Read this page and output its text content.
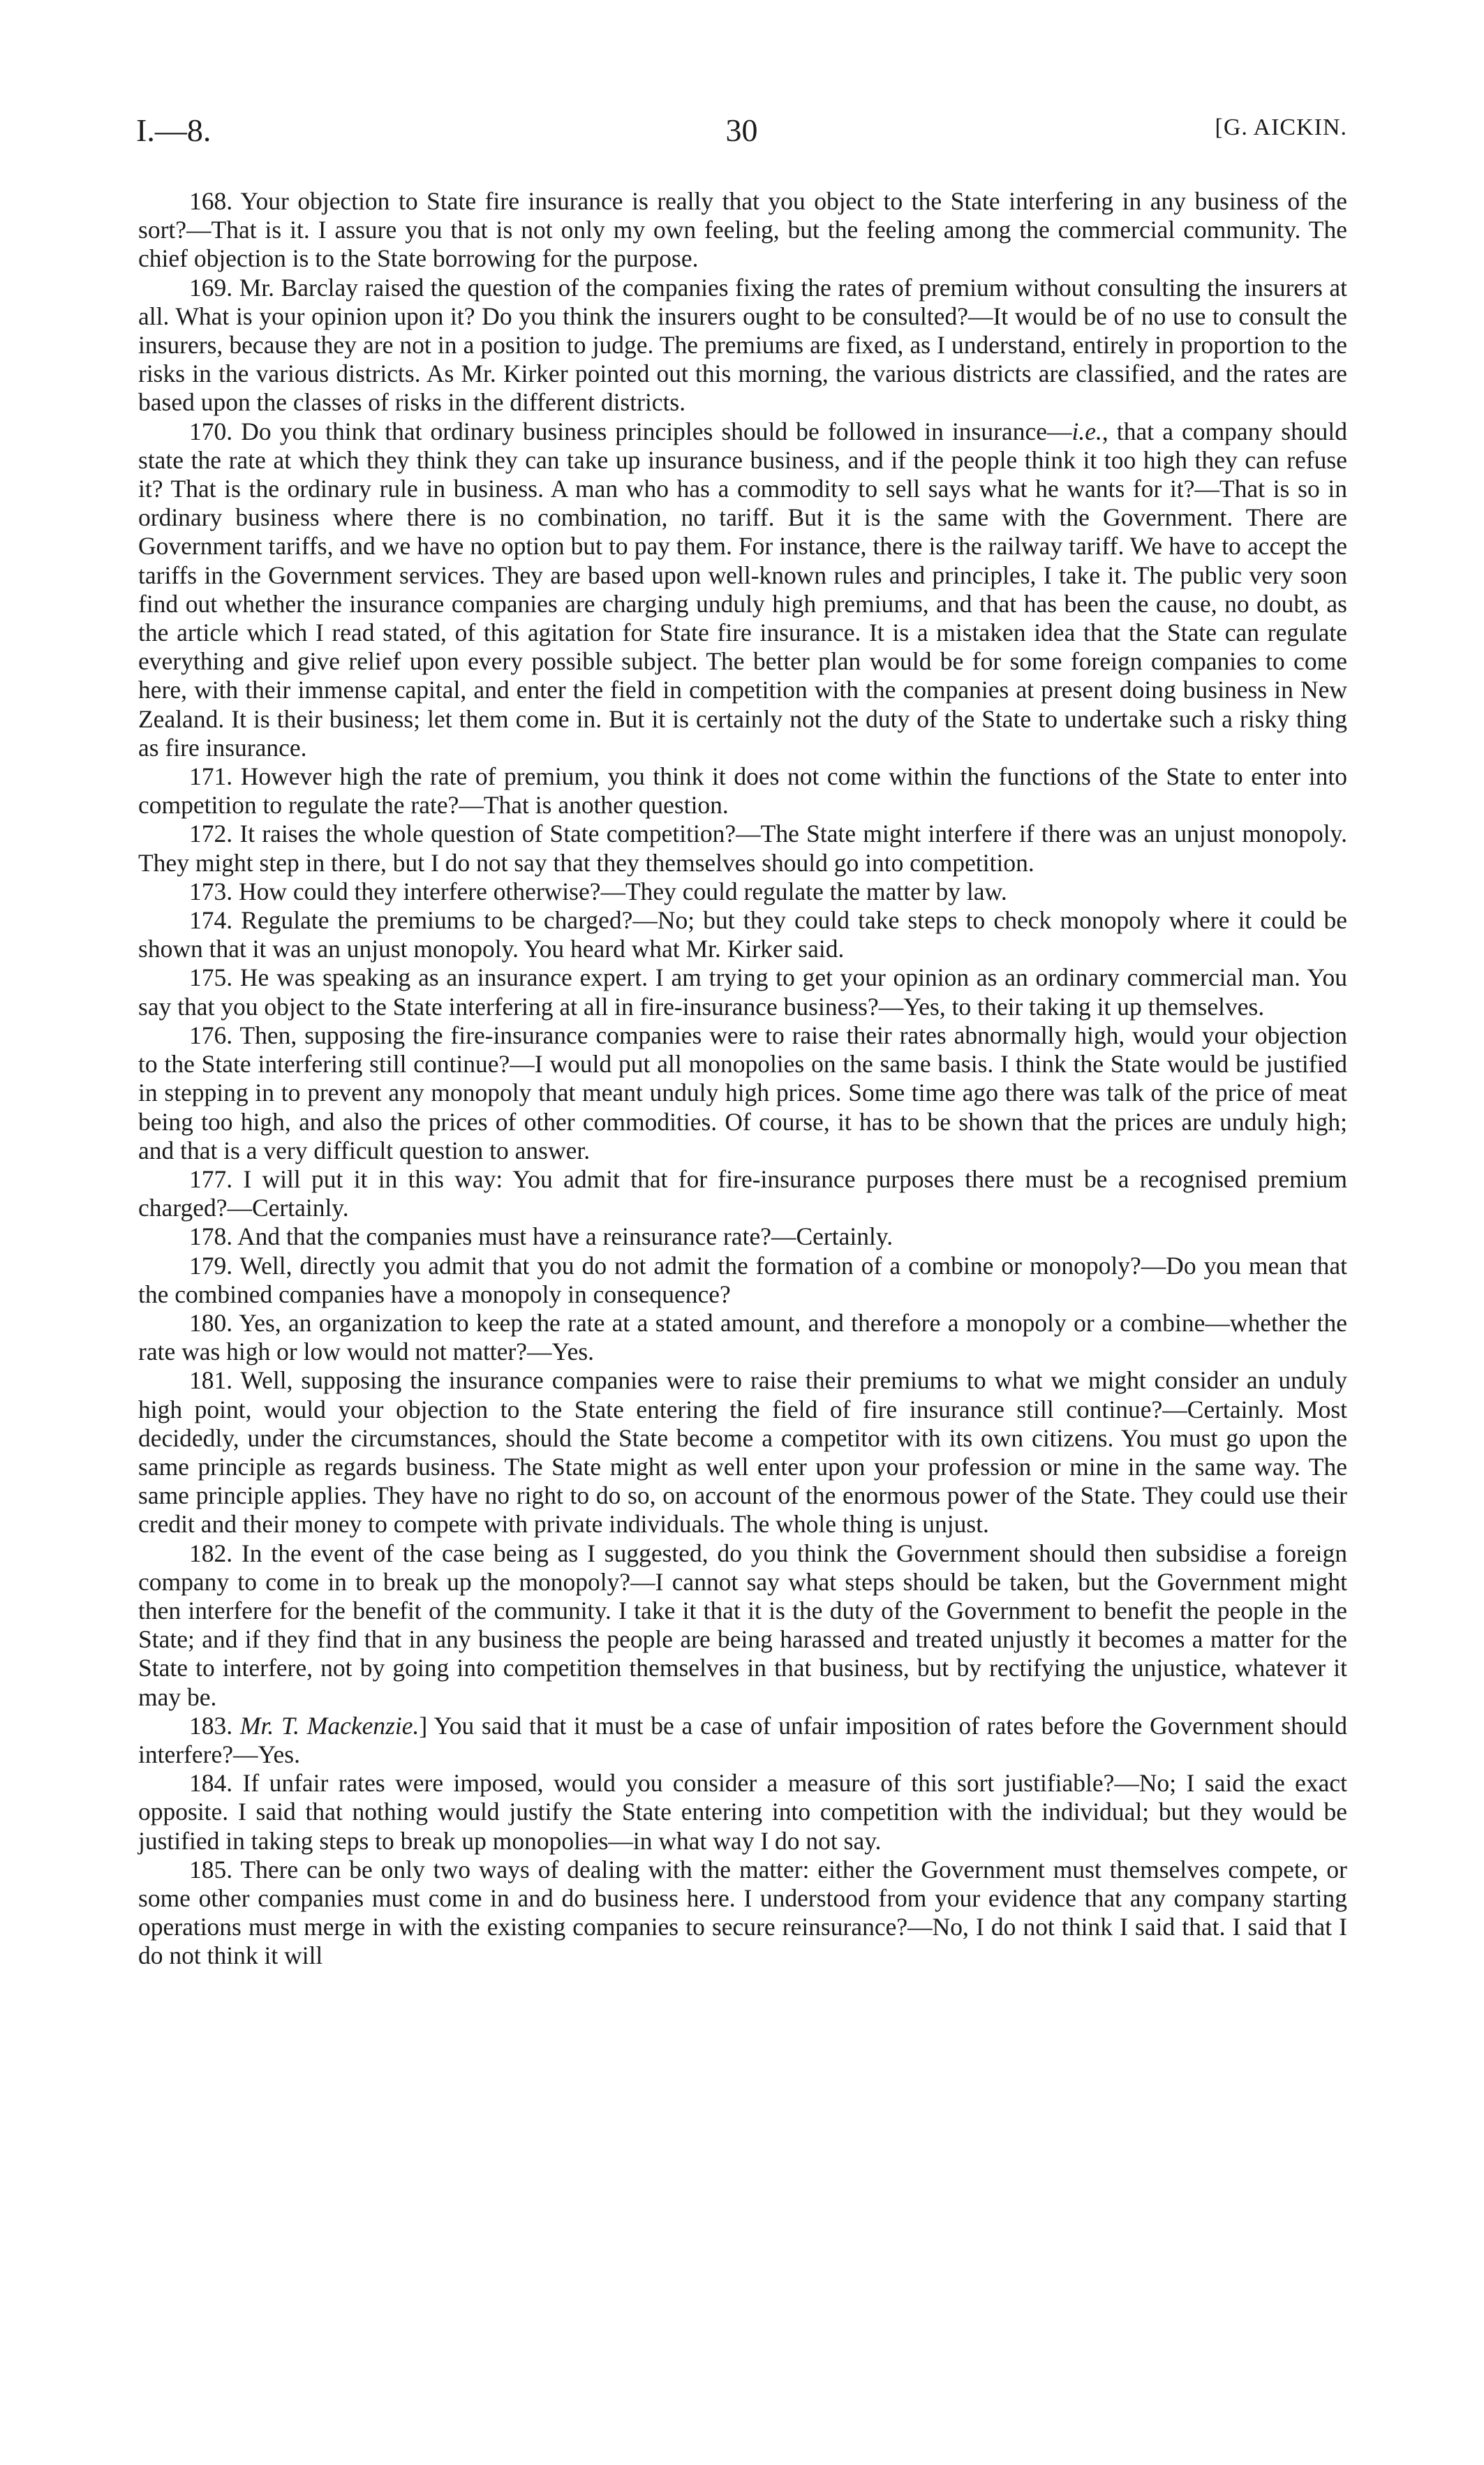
I.—8.	30	[G. AICKIN.

168. Your objection to State fire insurance is really that you object to the State interfering in any business of the sort?—That is it. I assure you that is not only my own feeling, but the feeling among the commercial community. The chief objection is to the State borrowing for the purpose.

169. Mr. Barclay raised the question of the companies fixing the rates of premium without consulting the insurers at all. What is your opinion upon it? Do you think the insurers ought to be consulted?—It would be of no use to consult the insurers, because they are not in a position to judge. The premiums are fixed, as I understand, entirely in proportion to the risks in the various districts. As Mr. Kirker pointed out this morning, the various districts are classified, and the rates are based upon the classes of risks in the different districts.

170. Do you think that ordinary business principles should be followed in insurance—i.e., that a company should state the rate at which they think they can take up insurance business, and if the people think it too high they can refuse it? That is the ordinary rule in business. A man who has a commodity to sell says what he wants for it?—That is so in ordinary business where there is no combination, no tariff. But it is the same with the Government. There are Government tariffs, and we have no option but to pay them. For instance, there is the railway tariff. We have to accept the tariffs in the Government services. They are based upon well-known rules and principles, I take it. The public very soon find out whether the insurance companies are charging unduly high premiums, and that has been the cause, no doubt, as the article which I read stated, of this agitation for State fire insurance. It is a mistaken idea that the State can regulate everything and give relief upon every possible subject. The better plan would be for some foreign companies to come here, with their immense capital, and enter the field in competition with the companies at present doing business in New Zealand. It is their business; let them come in. But it is certainly not the duty of the State to undertake such a risky thing as fire insurance.

171. However high the rate of premium, you think it does not come within the functions of the State to enter into competition to regulate the rate?—That is another question.

172. It raises the whole question of State competition?—The State might interfere if there was an unjust monopoly. They might step in there, but I do not say that they themselves should go into competition.

173. How could they interfere otherwise?—They could regulate the matter by law.

174. Regulate the premiums to be charged?—No; but they could take steps to check monopoly where it could be shown that it was an unjust monopoly. You heard what Mr. Kirker said.

175. He was speaking as an insurance expert. I am trying to get your opinion as an ordinary commercial man. You say that you object to the State interfering at all in fire-insurance business?—Yes, to their taking it up themselves.

176. Then, supposing the fire-insurance companies were to raise their rates abnormally high, would your objection to the State interfering still continue?—I would put all monopolies on the same basis. I think the State would be justified in stepping in to prevent any monopoly that meant unduly high prices. Some time ago there was talk of the price of meat being too high, and also the prices of other commodities. Of course, it has to be shown that the prices are unduly high; and that is a very difficult question to answer.

177. I will put it in this way: You admit that for fire-insurance purposes there must be a recognised premium charged?—Certainly.

178. And that the companies must have a reinsurance rate?—Certainly.

179. Well, directly you admit that you do not admit the formation of a combine or monopoly?—Do you mean that the combined companies have a monopoly in consequence?

180. Yes, an organization to keep the rate at a stated amount, and therefore a monopoly or a combine—whether the rate was high or low would not matter?—Yes.

181. Well, supposing the insurance companies were to raise their premiums to what we might consider an unduly high point, would your objection to the State entering the field of fire insurance still continue?—Certainly. Most decidedly, under the circumstances, should the State become a competitor with its own citizens. You must go upon the same principle as regards business. The State might as well enter upon your profession or mine in the same way. The same principle applies. They have no right to do so, on account of the enormous power of the State. They could use their credit and their money to compete with private individuals. The whole thing is unjust.

182. In the event of the case being as I suggested, do you think the Government should then subsidise a foreign company to come in to break up the monopoly?—I cannot say what steps should be taken, but the Government might then interfere for the benefit of the community. I take it that it is the duty of the Government to benefit the people in the State; and if they find that in any business the people are being harassed and treated unjustly it becomes a matter for the State to interfere, not by going into competition themselves in that business, but by rectifying the unjustice, whatever it may be.

183. Mr. T. Mackenzie.] You said that it must be a case of unfair imposition of rates before the Government should interfere?—Yes.

184. If unfair rates were imposed, would you consider a measure of this sort justifiable?—No; I said the exact opposite. I said that nothing would justify the State entering into competition with the individual; but they would be justified in taking steps to break up monopolies—in what way I do not say.

185. There can be only two ways of dealing with the matter: either the Government must themselves compete, or some other companies must come in and do business here. I understood from your evidence that any company starting operations must merge in with the existing companies to secure reinsurance?—No, I do not think I said that. I said that I do not think it will
